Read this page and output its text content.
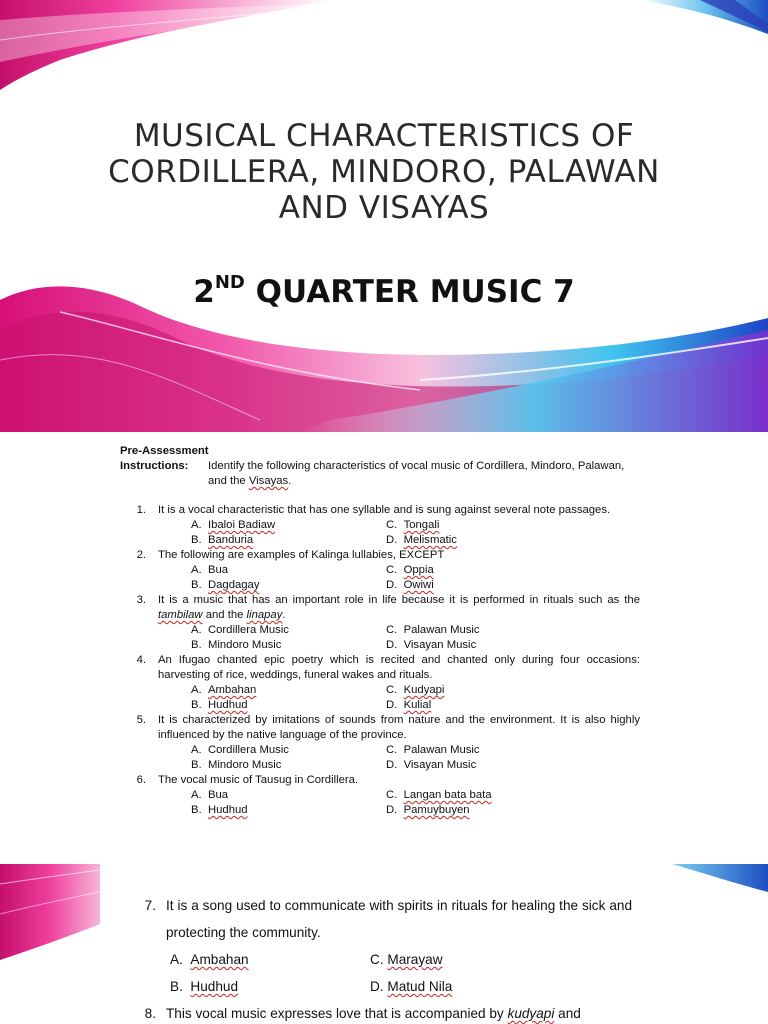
MUSICAL CHARACTERISTICS OF
CORDILLERA, MINDORO, PALAWAN
AND VISAYAS
2ND QUARTER MUSIC 7
Pre-Assessment
Instructions:	Identify the following characteristics of vocal music of Cordillera, Mindoro, Palawan, and the Visayas.
1.	It is a vocal characteristic that has one syllable and is sung against several note passages.
A. Ibaloi Badiaw	C. Tongali
B. Banduria	D. Melismatic
2.	The following are examples of Kalinga lullabies, EXCEPT
A. Bua	C. Oppia
B. Dagdagay	D. Owiwi
3.	It is a music that has an important role in life because it is performed in rituals such as the tambilaw and the linapay.
A. Cordillera Music	C. Palawan Music
B. Mindoro Music	D. Visayan Music
4.	An Ifugao chanted epic poetry which is recited and chanted only during four occasions: harvesting of rice, weddings, funeral wakes and rituals.
A. Ambahan	C. Kudyapi
B. Hudhud	D. Kulial
5.	It is characterized by imitations of sounds from nature and the environment. It is also highly influenced by the native language of the province.
A. Cordillera Music	C. Palawan Music
B. Mindoro Music	D. Visayan Music
6.	The vocal music of Tausug in Cordillera.
A. Bua	C. Langan bata bata
B. Hudhud	D. Pamuybuyen
7. It is a song used to communicate with spirits in rituals for healing the sick and protecting the community.
A. Ambahan	C. Marayaw
B. Hudhud	D. Matud Nila
8. This vocal music expresses love that is accompanied by kudyapi and
